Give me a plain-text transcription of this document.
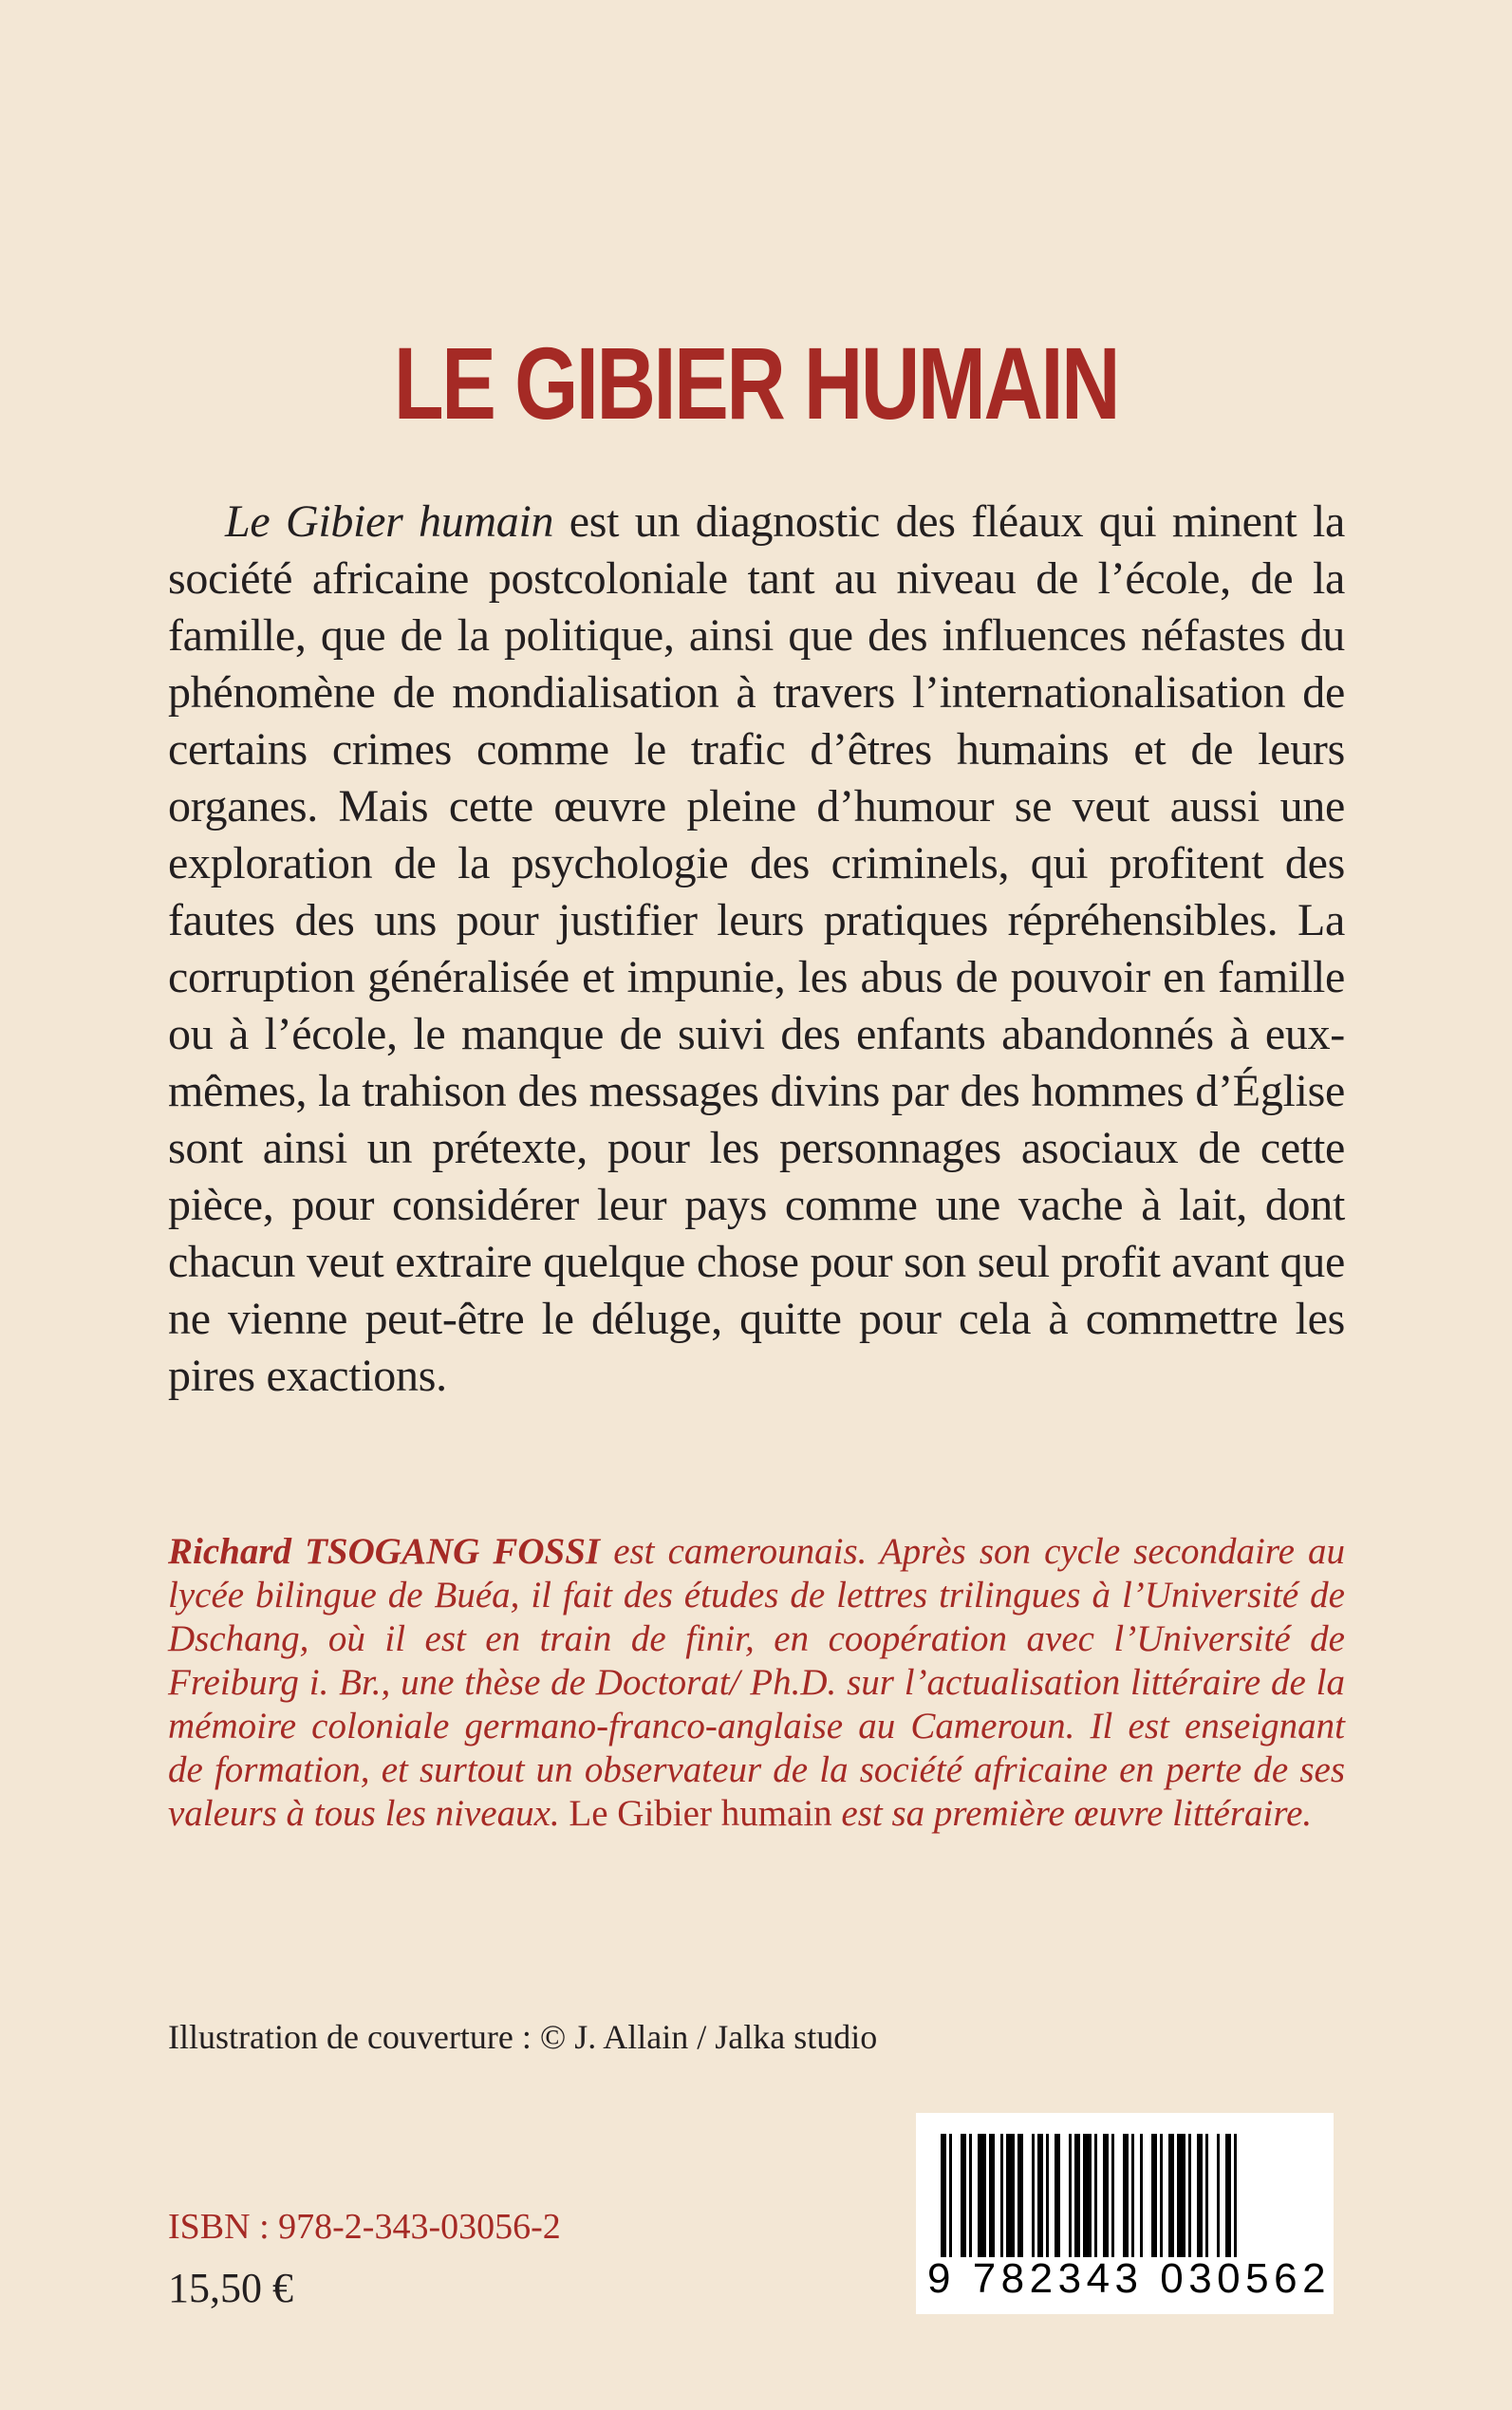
LE GIBIER HUMAIN

Le Gibier humain est un diagnostic des fléaux qui minent la société africaine postcoloniale tant au niveau de l’école, de la famille, que de la politique, ainsi que des influences néfastes du phénomène de mondialisation à travers l’internationalisation de certains crimes comme le trafic d’êtres humains et de leurs organes. Mais cette œuvre pleine d’humour se veut aussi une exploration de la psychologie des criminels, qui profitent des fautes des uns pour justifier leurs pratiques répréhensibles. La corruption généralisée et impunie, les abus de pouvoir en famille ou à l’école, le manque de suivi des enfants abandonnés à eux-mêmes, la trahison des messages divins par des hommes d’Église sont ainsi un prétexte, pour les personnages asociaux de cette pièce, pour considérer leur pays comme une vache à lait, dont chacun veut extraire quelque chose pour son seul profit avant que ne vienne peut-être le déluge, quitte pour cela à commettre les pires exactions.

Richard TSOGANG FOSSI est camerounais. Après son cycle secondaire au lycée bilingue de Buéa, il fait des études de lettres trilingues à l’Université de Dschang, où il est en train de finir, en coopération avec l’Université de Freiburg i. Br., une thèse de Doctorat/ Ph.D. sur l’actualisation littéraire de la mémoire coloniale germano-franco-anglaise au Cameroun. Il est enseignant de formation, et surtout un observateur de la société africaine en perte de ses valeurs à tous les niveaux. Le Gibier humain est sa première œuvre littéraire.

Illustration de couverture : © J. Allain / Jalka studio
ISBN : 978-2-343-03056-2
15,50 €	9 782343 030562
